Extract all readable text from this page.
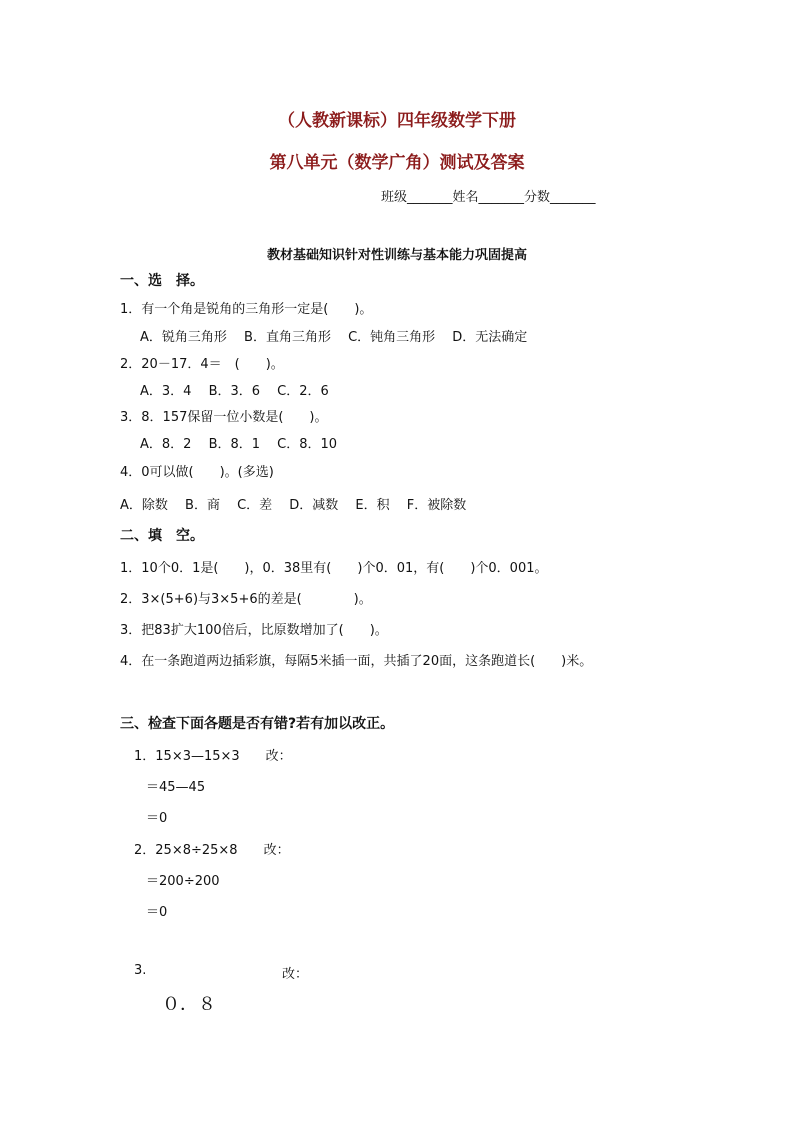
（人教新课标）四年级数学下册
第八单元（数学广角）测试及答案
班级_______姓名_______分数_______
教材基础知识针对性训练与基本能力巩固提高
一、选　择。
1．有一个角是锐角的三角形一定是(　　)。
A．锐角三角形　 B．直角三角形　 C．钝角三角形　 D．无法确定
2．20－17．4＝　(　　)。
A．3．4　 B．3．6　 C．2．6
3．8．157保留一位小数是(　　)。
A．8．2　 B．8．1　 C．8．10
4．0可以做(　　)。(多选)
A．除数　 B．商　 C．差　 D．减数　 E．积　 F．被除数
二、填　空。
1．10个0．1是(　　)，0．38里有(　　)个0．01，有(　　)个0．001。
2．3×(5+6)与3×5+6的差是(　　　　)。
3．把83扩大100倍后，比原数增加了(　　)。
4．在一条跑道两边插彩旗，每隔5米插一面，共插了20面，这条跑道长(　　)米。
三、检查下面各题是否有错?若有加以改正。
1．15×3—15×3　　改：
＝45—45
＝0
2．25×8÷25×8　　改：
＝200÷200
＝0
3.	改：
０．８
